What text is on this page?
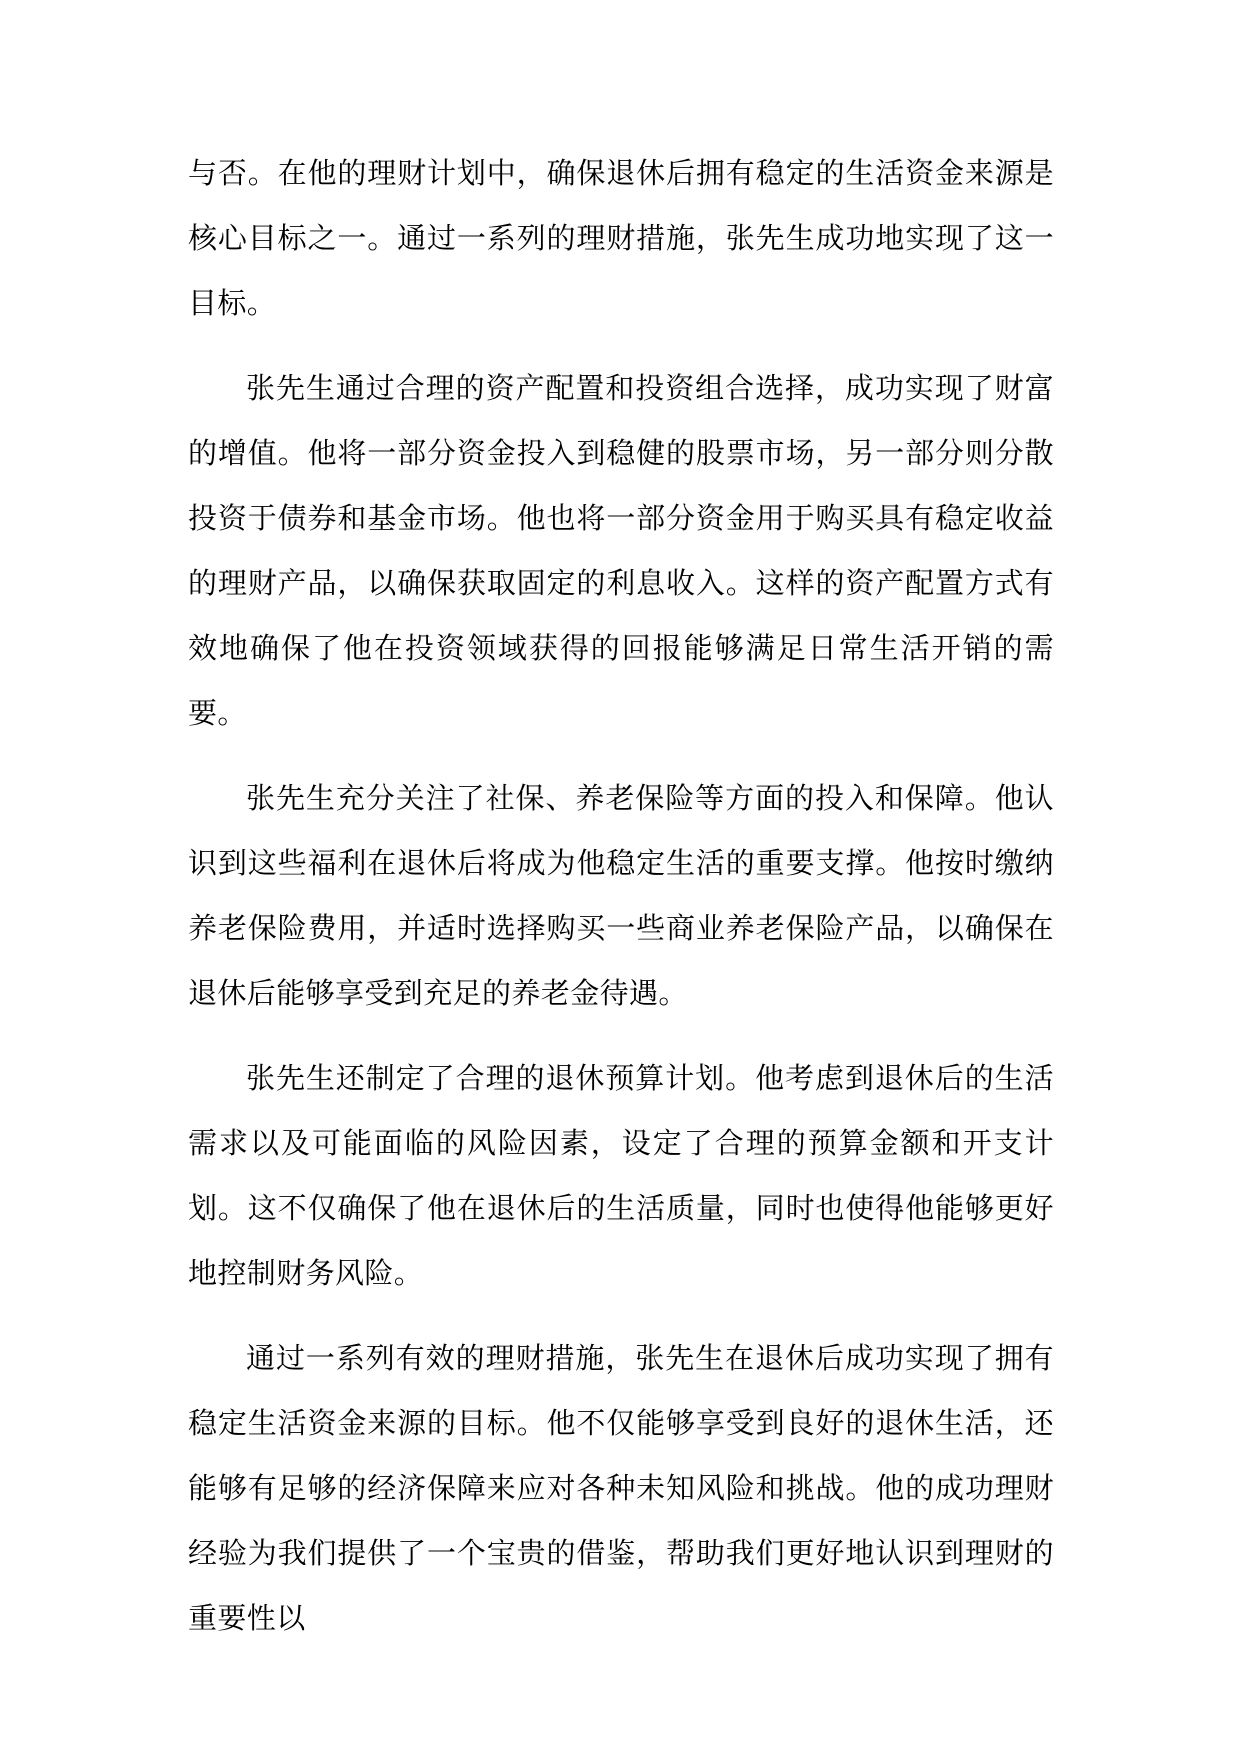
与否。在他的理财计划中，确保退休后拥有稳定的生活资金来源是核心目标之一。通过一系列的理财措施，张先生成功地实现了这一目标。

张先生通过合理的资产配置和投资组合选择，成功实现了财富的增值。他将一部分资金投入到稳健的股票市场，另一部分则分散投资于债券和基金市场。他也将一部分资金用于购买具有稳定收益的理财产品，以确保获取固定的利息收入。这样的资产配置方式有效地确保了他在投资领域获得的回报能够满足日常生活开销的需要。

张先生充分关注了社保、养老保险等方面的投入和保障。他认识到这些福利在退休后将成为他稳定生活的重要支撑。他按时缴纳养老保险费用，并适时选择购买一些商业养老保险产品，以确保在退休后能够享受到充足的养老金待遇。

张先生还制定了合理的退休预算计划。他考虑到退休后的生活需求以及可能面临的风险因素，设定了合理的预算金额和开支计划。这不仅确保了他在退休后的生活质量，同时也使得他能够更好地控制财务风险。

通过一系列有效的理财措施，张先生在退休后成功实现了拥有稳定生活资金来源的目标。他不仅能够享受到良好的退休生活，还能够有足够的经济保障来应对各种未知风险和挑战。他的成功理财经验为我们提供了一个宝贵的借鉴，帮助我们更好地认识到理财的重要性以
